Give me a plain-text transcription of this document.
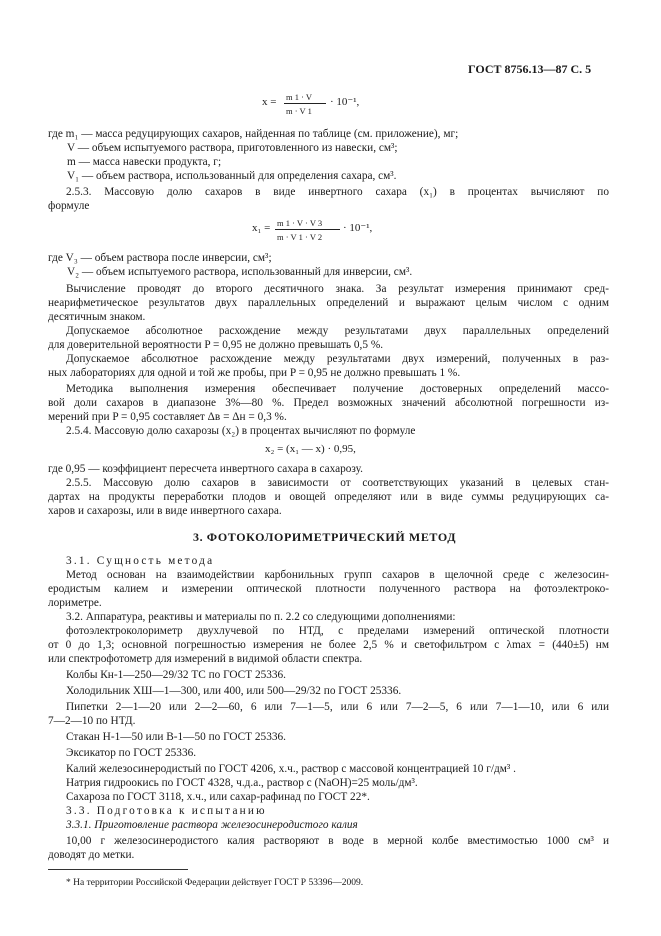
ГОСТ 8756.13—87 С. 5
x = m 1 · V
m · V 1
· 10⁻¹,
где m₁ — масса редуцирующих сахаров, найденная по таблице (см. приложение), мг;
V — объем испытуемого раствора, приготовленного из навески, см³;
m — масса навески продукта, г;
V₁ — объем раствора, использованный для определения сахара, см³.
2.5.3. Массовую долю сахаров в виде инвертного сахара (x₁) в процентах вычисляют по
формуле
x₁ = m 1 · V · V 3
m · V 1 · V 2
· 10⁻¹,
где V₃ — объем раствора после инверсии, см³;
V₂ — объем испытуемого раствора, использованный для инверсии, см³.
Вычисление проводят до второго десятичного знака. За результат измерения принимают сред-
неарифметическое результатов двух параллельных определений и выражают целым числом с одним
десятичным знаком.
Допускаемое абсолютное расхождение между результатами двух параллельных определений
для доверительной вероятности P = 0,95 не должно превышать 0,5 %.
Допускаемое абсолютное расхождение между результатами двух измерений, полученных в раз-
ных лабораториях для одной и той же пробы, при P = 0,95 не должно превышать 1 %.
Методика выполнения измерения обеспечивает получение достоверных определений массо-
вой доли сахаров в диапазоне 3%—80 %. Предел возможных значений абсолютной погрешности из-
мерений при P = 0,95 составляет Δв = Δн = 0,3 %.
2.5.4. Массовую долю сахарозы (x₂) в процентах вычисляют по формуле
x₂ = (x₁ — x) · 0,95,
где 0,95 — коэффициент пересчета инвертного сахара в сахарозу.
2.5.5. Массовую долю сахаров в зависимости от соответствующих указаний в целевых стан-
дартах на продукты переработки плодов и овощей определяют или в виде суммы редуцирующих са-
харов и сахарозы, или в виде инвертного сахара.
3. ФОТОКОЛОРИМЕТРИЧЕСКИЙ МЕТОД
3.1. Сущность метода
Метод основан на взаимодействии карбонильных групп сахаров в щелочной среде с железосин-
еродистым калием и измерении оптической плотности полученного раствора на фотоэлектроко-
лориметре.
3.2. Аппаратура, реактивы и материалы по п. 2.2 со следующими дополнениями:
фотоэлектроколориметр двухлучевой по НТД, с пределами измерений оптической плотности
от 0 до 1,3; основной погрешностью измерения не более 2,5 % и светофильтром с λmax = (440±5) нм
или спектрофотометр для измерений в видимой области спектра.
Колбы Кн-1—250—29/32 ТС по ГОСТ 25336.
Холодильник ХШ—1—300, или 400, или 500—29/32 по ГОСТ 25336.
Пипетки 2—1—20 или 2—2—60, 6 или 7—1—5, или 6 или 7—2—5, 6 или 7—1—10, или 6 или
7—2—10 по НТД.
Стакан Н-1—50 или В-1—50 по ГОСТ 25336.
Эксикатор по ГОСТ 25336.
Калий железосинеродистый по ГОСТ 4206, х.ч., раствор с массовой концентрацией 10 г/дм³ .
Натрия гидроокись по ГОСТ 4328, ч.д.а., раствор c (NaOH)=25 моль/дм³.
Сахароза по ГОСТ 3118, х.ч., или сахар-рафинад по ГОСТ 22*.
3.3. Подготовка к испытанию
3.3.1. Приготовление раствора железосинеродистого калия
10,00 г железосинеродистого калия растворяют в воде в мерной колбе вместимостью 1000 см³ и
доводят до метки.
* На территории Российской Федерации действует ГОСТ Р 53396—2009.
